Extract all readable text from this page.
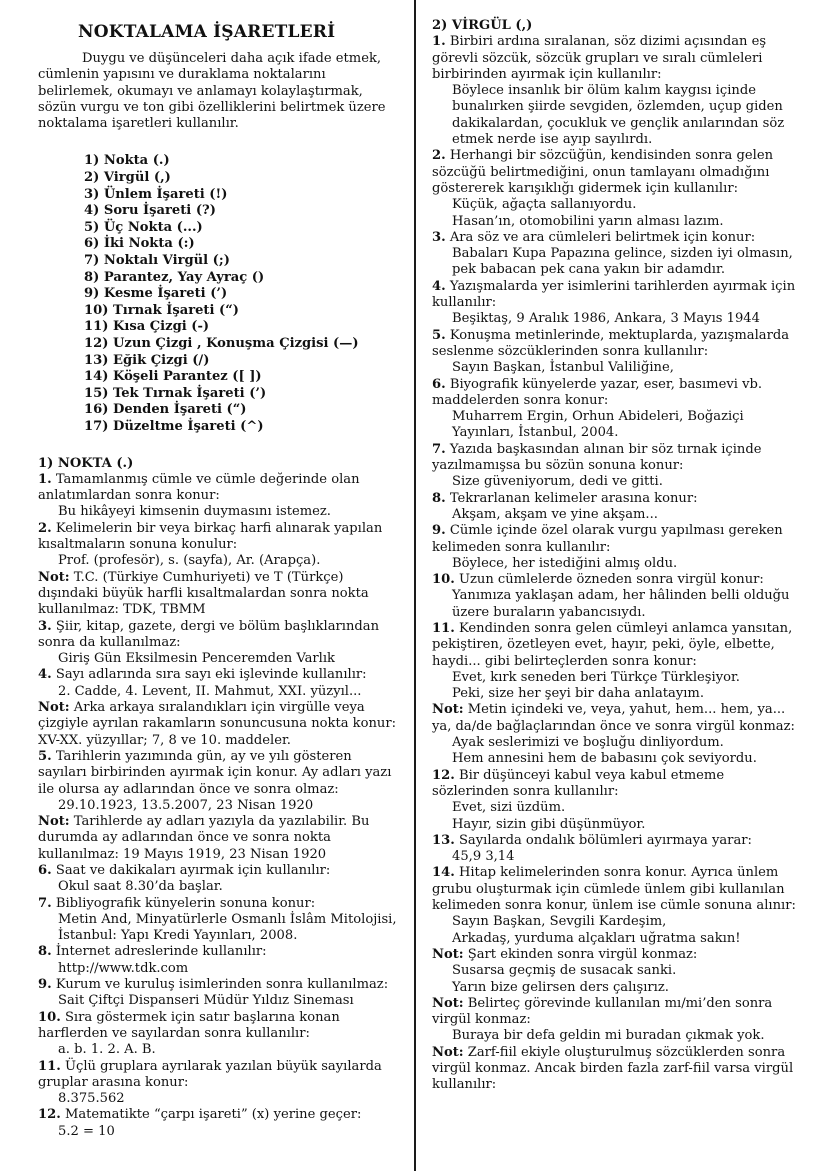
NOKTALAMA İŞARETLERİ

Duygu ve düşünceleri daha açık ifade etmek, cümlenin yapısını ve duraklama noktalarını belirlemek, okumayı ve anlamayı kolaylaştırmak, sözün vurgu ve ton gibi özelliklerini belirtmek üzere noktalama işaretleri kullanılır.

1) Nokta (.)
2) Virgül (,)
3) Ünlem İşareti (!)
4) Soru İşareti (?)
5) Üç Nokta (...)
6) İki Nokta (:)
7) Noktalı Virgül (;)
8) Parantez, Yay Ayraç ()
9) Kesme İşareti (’)
10) Tırnak İşareti (“)
11) Kısa Çizgi (-)
12) Uzun Çizgi , Konuşma Çizgisi (—)
13) Eğik Çizgi (/)
14) Köşeli Parantez ([ ])
15) Tek Tırnak İşareti (’)
16) Denden İşareti (“)
17) Düzeltme İşareti (^)
1) NOKTA (.)

1. Tamamlanmış cümle ve cümle değerinde olan anlatımlardan sonra konur:

Bu hikâyeyi kimsenin duymasını istemez.

2. Kelimelerin bir veya birkaç harfi alınarak yapılan kısaltmaların sonuna konulur:

Prof. (profesör), s. (sayfa), Ar. (Arapça).

Not: T.C. (Türkiye Cumhuriyeti) ve T (Türkçe) dışındaki büyük harfli kısaltmalardan sonra nokta kullanılmaz: TDK, TBMM

3. Şiir, kitap, gazete, dergi ve bölüm başlıklarından sonra da kullanılmaz:

Giriş Gün Eksilmesin Penceremden Varlık

4. Sayı adlarında sıra sayı eki işlevinde kullanılır:

2. Cadde, 4. Levent, II. Mahmut, XXI. yüzyıl...

Not: Arka arkaya sıralandıkları için virgülle veya çizgiyle ayrılan rakamların sonuncusuna nokta konur: XV-XX. yüzyıllar; 7, 8 ve 10. maddeler.

5. Tarihlerin yazımında gün, ay ve yılı gösteren sayıları birbirinden ayırmak için konur. Ay adları yazı ile olursa ay adlarından önce ve sonra olmaz:

29.10.1923, 13.5.2007, 23 Nisan 1920

Not: Tarihlerde ay adları yazıyla da yazılabilir. Bu durumda ay adlarından önce ve sonra nokta kullanılmaz: 19 Mayıs 1919, 23 Nisan 1920

6. Saat ve dakikaları ayırmak için kullanılır:

Okul saat 8.30’da başlar.

7. Bibliyografik künyelerin sonuna konur:

Metin And, Minyatürlerle Osmanlı İslâm Mitolojisi, İstanbul: Yapı Kredi Yayınları, 2008.

8. İnternet adreslerinde kullanılır:

http://www.tdk.com

9. Kurum ve kuruluş isimlerinden sonra kullanılmaz:

Sait Çiftçi Dispanseri Müdür Yıldız Sineması

10. Sıra göstermek için satır başlarına konan harflerden ve sayılardan sonra kullanılır:

a. b. 1. 2. A. B.

11. Üçlü gruplara ayrılarak yazılan büyük sayılarda gruplar arasına konur:

8.375.562

12. Matematikte “çarpı işareti” (x) yerine geçer:

5.2 = 10

2) VİRGÜL (,)

1. Birbiri ardına sıralanan, söz dizimi açısından eş görevli sözcük, sözcük grupları ve sıralı cümleleri birbirinden ayırmak için kullanılır:

Böylece insanlık bir ölüm kalım kaygısı içinde bunalırken şiirde sevgiden, özlemden, uçup giden dakikalardan, çocukluk ve gençlik anılarından söz etmek nerde ise ayıp sayılırdı.

2. Herhangi bir sözcüğün, kendisinden sonra gelen sözcüğü belirtmediğini, onun tamlayanı olmadığını göstererek karışıklığı gidermek için kullanılır:

Küçük, ağaçta sallanıyordu.

Hasan’ın, otomobilini yarın alması lazım.

3. Ara söz ve ara cümleleri belirtmek için konur:

Babaları Kupa Papazına gelince, sizden iyi olmasın, pek babacan pek cana yakın bir adamdır.

4. Yazışmalarda yer isimlerini tarihlerden ayırmak için kullanılır:

Beşiktaş, 9 Aralık 1986, Ankara, 3 Mayıs 1944

5. Konuşma metinlerinde, mektuplarda, yazışmalarda seslenme sözcüklerinden sonra kullanılır:

Sayın Başkan, İstanbul Valiliğine,

6. Biyografik künyelerde yazar, eser, basımevi vb. maddelerden sonra konur:

Muharrem Ergin, Orhun Abideleri, Boğaziçi Yayınları, İstanbul, 2004.

7. Yazıda başkasından alınan bir söz tırnak içinde yazılmamışsa bu sözün sonuna konur:

Size güveniyorum, dedi ve gitti.

8. Tekrarlanan kelimeler arasına konur:

Akşam, akşam ve yine akşam...

9. Cümle içinde özel olarak vurgu yapılması gereken kelimeden sonra kullanılır:

Böylece, her istediğini almış oldu.

10. Uzun cümlelerde özneden sonra virgül konur:

Yanımıza yaklaşan adam, her hâlinden belli olduğu üzere buraların yabancısıydı.

11. Kendinden sonra gelen cümleyi anlamca yansıtan, pekiştiren, özetleyen evet, hayır, peki, öyle, elbette, haydi... gibi belirteçlerden sonra konur:

Evet, kırk seneden beri Türkçe Türkleşiyor.

Peki, size her şeyi bir daha anlatayım.

Not: Metin içindeki ve, veya, yahut, hem... hem, ya... ya, da/de bağlaçlarından önce ve sonra virgül konmaz:

Ayak seslerimizi ve boşluğu dinliyordum.

Hem annesini hem de babasını çok seviyordu.

12. Bir düşünceyi kabul veya kabul etmeme sözlerinden sonra kullanılır:

Evet, sizi üzdüm.

Hayır, sizin gibi düşünmüyor.

13. Sayılarda ondalık bölümleri ayırmaya yarar:

45,9 3,14

14. Hitap kelimelerinden sonra konur. Ayrıca ünlem grubu oluşturmak için cümlede ünlem gibi kullanılan kelimeden sonra konur, ünlem ise cümle sonuna alınır:

Sayın Başkan, Sevgili Kardeşim,

Arkadaş, yurduma alçakları uğratma sakın!

Not: Şart ekinden sonra virgül konmaz:

Susarsa geçmiş de susacak sanki.

Yarın bize gelirsen ders çalışırız.

Not: Belirteç görevinde kullanılan mı/mi’den sonra virgül konmaz:

Buraya bir defa geldin mi buradan çıkmak yok.

Not: Zarf-fiil ekiyle oluşturulmuş sözcüklerden sonra virgül konmaz. Ancak birden fazla zarf-fiil varsa virgül kullanılır:
